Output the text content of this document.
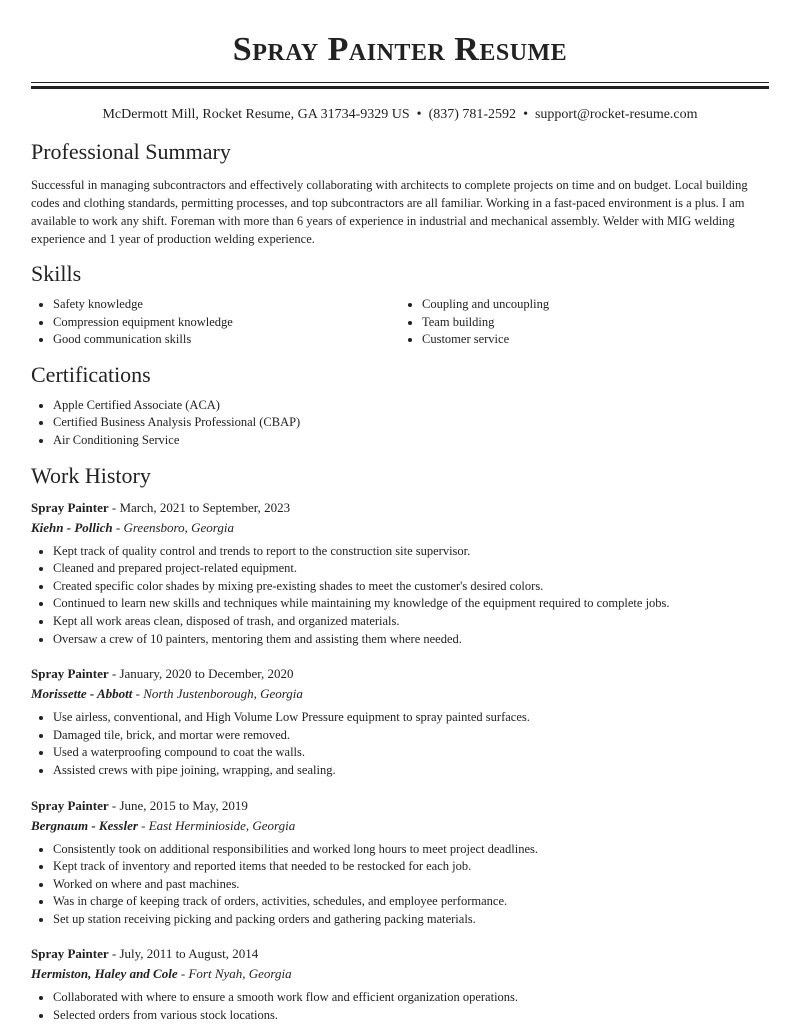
Spray Painter Resume
McDermott Mill, Rocket Resume, GA 31734-9329 US • (837) 781-2592 • support@rocket-resume.com
Professional Summary

Successful in managing subcontractors and effectively collaborating with architects to complete projects on time and on budget. Local building codes and clothing standards, permitting processes, and top subcontractors are all familiar. Working in a fast-paced environment is a plus. I am available to work any shift. Foreman with more than 6 years of experience in industrial and mechanical assembly. Welder with MIG welding experience and 1 year of production welding experience.

Skills
• Safety knowledge
• Compression equipment knowledge
• Good communication skills
• Coupling and uncoupling
• Team building
• Customer service
Certifications
• Apple Certified Associate (ACA)
• Certified Business Analysis Professional (CBAP)
• Air Conditioning Service
Work History
Spray Painter - March, 2021 to September, 2023
Kiehn - Pollich - Greensboro, Georgia
• Kept track of quality control and trends to report to the construction site supervisor.
• Cleaned and prepared project-related equipment.
• Created specific color shades by mixing pre-existing shades to meet the customer's desired colors.
• Continued to learn new skills and techniques while maintaining my knowledge of the equipment required to complete jobs.
• Kept all work areas clean, disposed of trash, and organized materials.
• Oversaw a crew of 10 painters, mentoring them and assisting them where needed.
Spray Painter - January, 2020 to December, 2020
Morissette - Abbott - North Justenborough, Georgia
• Use airless, conventional, and High Volume Low Pressure equipment to spray painted surfaces.
• Damaged tile, brick, and mortar were removed.
• Used a waterproofing compound to coat the walls.
• Assisted crews with pipe joining, wrapping, and sealing.
Spray Painter - June, 2015 to May, 2019
Bergnaum - Kessler - East Herminioside, Georgia
• Consistently took on additional responsibilities and worked long hours to meet project deadlines.
• Kept track of inventory and reported items that needed to be restocked for each job.
• Worked on where and past machines.
• Was in charge of keeping track of orders, activities, schedules, and employee performance.
• Set up station receiving picking and packing orders and gathering packing materials.
Spray Painter - July, 2011 to August, 2014
Hermiston, Haley and Cole - Fort Nyah, Georgia
• Collaborated with where to ensure a smooth work flow and efficient organization operations.
• Selected orders from various stock locations.
